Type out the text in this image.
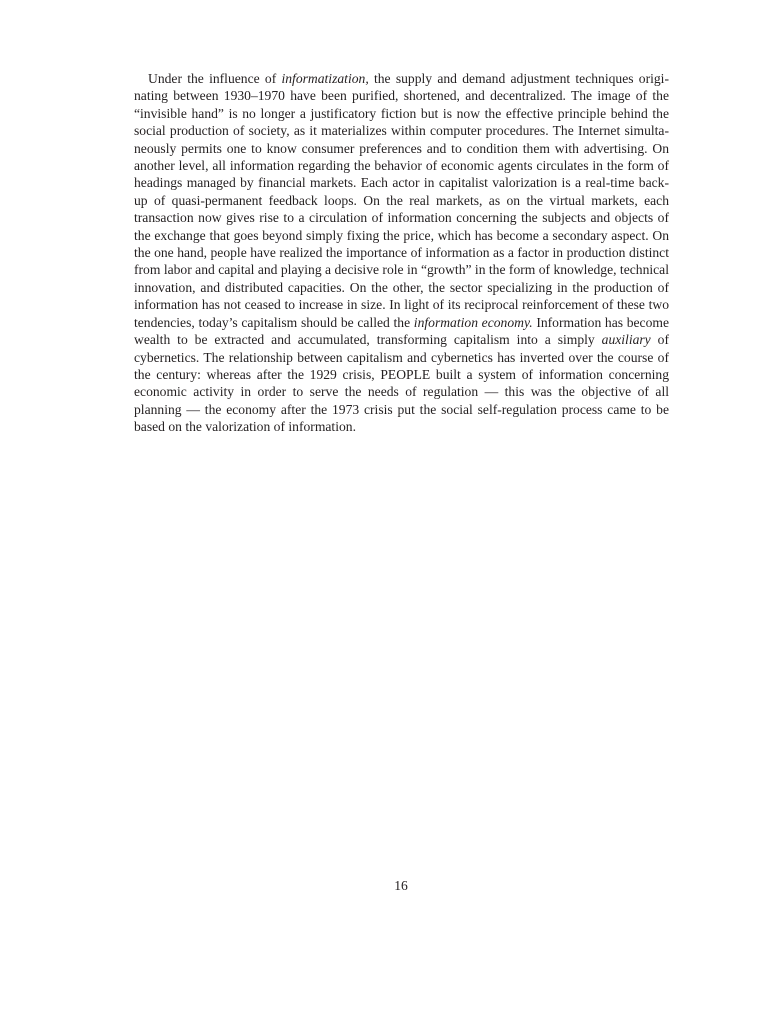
Under the influence of informatization, the supply and demand adjustment techniques originating between 1930–1970 have been purified, shortened, and decentralized. The image of the “invisible hand” is no longer a justificatory fiction but is now the effective principle behind the social production of society, as it materializes within computer procedures. The Internet simultaneously permits one to know consumer preferences and to condition them with advertising. On another level, all information regarding the behavior of economic agents circulates in the form of headings managed by financial markets. Each actor in capitalist valorization is a real-time back-up of quasi-permanent feedback loops. On the real markets, as on the virtual markets, each transaction now gives rise to a circulation of information concerning the subjects and objects of the exchange that goes beyond simply fixing the price, which has become a secondary aspect. On the one hand, people have realized the importance of information as a factor in production distinct from labor and capital and playing a decisive role in “growth” in the form of knowledge, technical innovation, and distributed capacities. On the other, the sector specializing in the production of information has not ceased to increase in size. In light of its reciprocal reinforcement of these two tendencies, today’s capitalism should be called the information economy. Information has become wealth to be extracted and accumulated, transforming capitalism into a simply auxiliary of cybernetics. The relationship between capitalism and cybernetics has inverted over the course of the century: whereas after the 1929 crisis, PEOPLE built a system of information concerning economic activity in order to serve the needs of regulation — this was the objective of all planning — the economy after the 1973 crisis put the social self-regulation process came to be based on the valorization of information.

16
